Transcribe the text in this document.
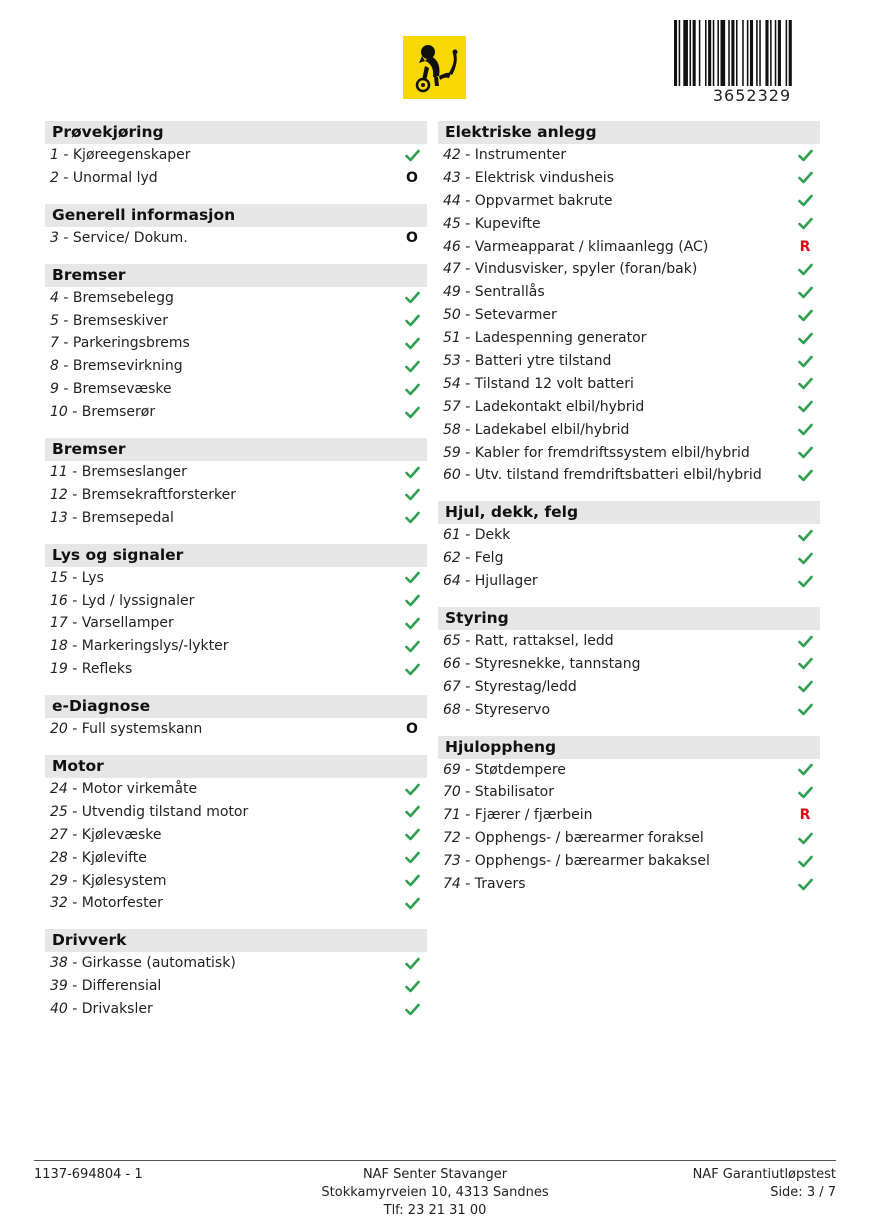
3652329
Prøvekjøring
1 - Kjøreegenskaper
2 - Unormal lyd	O
Generell informasjon
3 - Service/ Dokum.	O
Bremser
4 - Bremsebelegg
5 - Bremseskiver
7 - Parkeringsbrems
8 - Bremsevirkning
9 - Bremsevæske
10 - Bremserør
Bremser
11 - Bremseslanger
12 - Bremsekraftforsterker
13 - Bremsepedal
Lys og signaler
15 - Lys
16 - Lyd / lyssignaler
17 - Varsellamper
18 - Markeringslys/-lykter
19 - Refleks
e-Diagnose
20 - Full systemskann	O
Motor
24 - Motor virkemåte
25 - Utvendig tilstand motor
27 - Kjølevæske
28 - Kjølevifte
29 - Kjølesystem
32 - Motorfester
Drivverk
38 - Girkasse (automatisk)
39 - Differensial
40 - Drivaksler
Elektriske anlegg
42 - Instrumenter
43 - Elektrisk vindusheis
44 - Oppvarmet bakrute
45 - Kupevifte
46 - Varmeapparat / klimaanlegg (AC)	R
47 - Vindusvisker, spyler (foran/bak)
49 - Sentrallås
50 - Setevarmer
51 - Ladespenning generator
53 - Batteri ytre tilstand
54 - Tilstand 12 volt batteri
57 - Ladekontakt elbil/hybrid
58 - Ladekabel elbil/hybrid
59 - Kabler for fremdriftssystem elbil/hybrid
60 - Utv. tilstand fremdriftsbatteri elbil/hybrid
Hjul, dekk, felg
61 - Dekk
62 - Felg
64 - Hjullager
Styring
65 - Ratt, rattaksel, ledd
66 - Styresnekke, tannstang
67 - Styrestag/ledd
68 - Styreservo
Hjuloppheng
69 - Støtdempere
70 - Stabilisator
71 - Fjærer / fjærbein	R
72 - Opphengs- / bærearmer foraksel
73 - Opphengs- / bærearmer bakaksel
74 - Travers
1137-694804 - 1	NAF Senter Stavanger
Stokkamyrveien 10, 4313 Sandnes
Tlf: 23 21 31 00
NAF Garantiutløpstest
Side: 3 / 7
